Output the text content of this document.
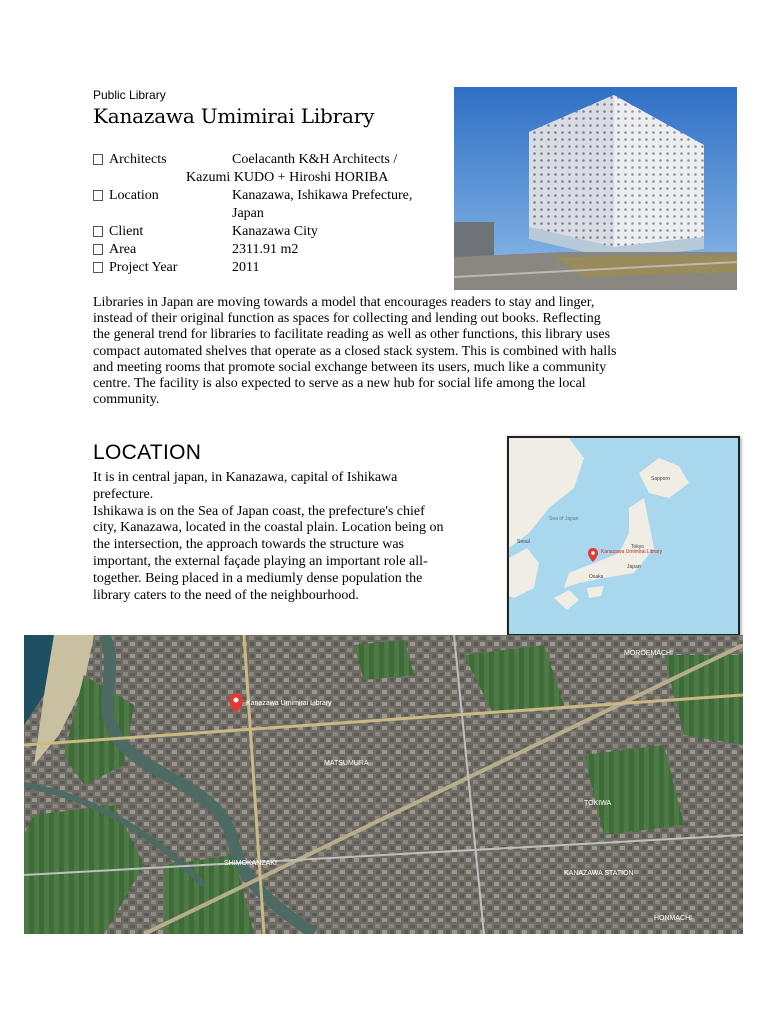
Public Library
Kanazawa Umimirai Library
Architects	Coelacanth K&H Architects /
Kazumi KUDO + Hiroshi HORIBA
Location	Kanazawa, Ishikawa Prefecture,
Japan
Client	Kanazawa City
Area	2311.91 m2
Project Year	2011
Libraries in Japan are moving towards a model that encourages readers to stay and linger,
instead of their original function as spaces for collecting and lending out books. Reflecting
the general trend for libraries to facilitate reading as well as other functions, this library uses
compact automated shelves that operate as a closed stack system. This is combined with halls
and meeting rooms that promote social exchange between its users, much like a community
centre. The facility is also expected to serve as a new hub for social life among the local
community.
LOCATION

It is in central japan, in Kanazawa, capital of Ishikawa

prefecture.

Ishikawa is on the Sea of Japan coast, the prefecture's chief

city, Kanazawa, located in the coastal plain. Location being on

the intersection, the approach towards the structure was

important, the external façade playing an important role all-

together. Being placed in a mediumly dense population the

library caters to the need of the neighbourhood.

Kanazawa Umimirai Library
Sea of Japan
Japan
Tokyo
Seoul
Sapporo
Osaka
Kanazawa Umimirai Library
MOROEMACHI
SHIMOKANZAKI
KANAZAWA STATION
HONMACHI
MATSUMURA
TOKIWA
